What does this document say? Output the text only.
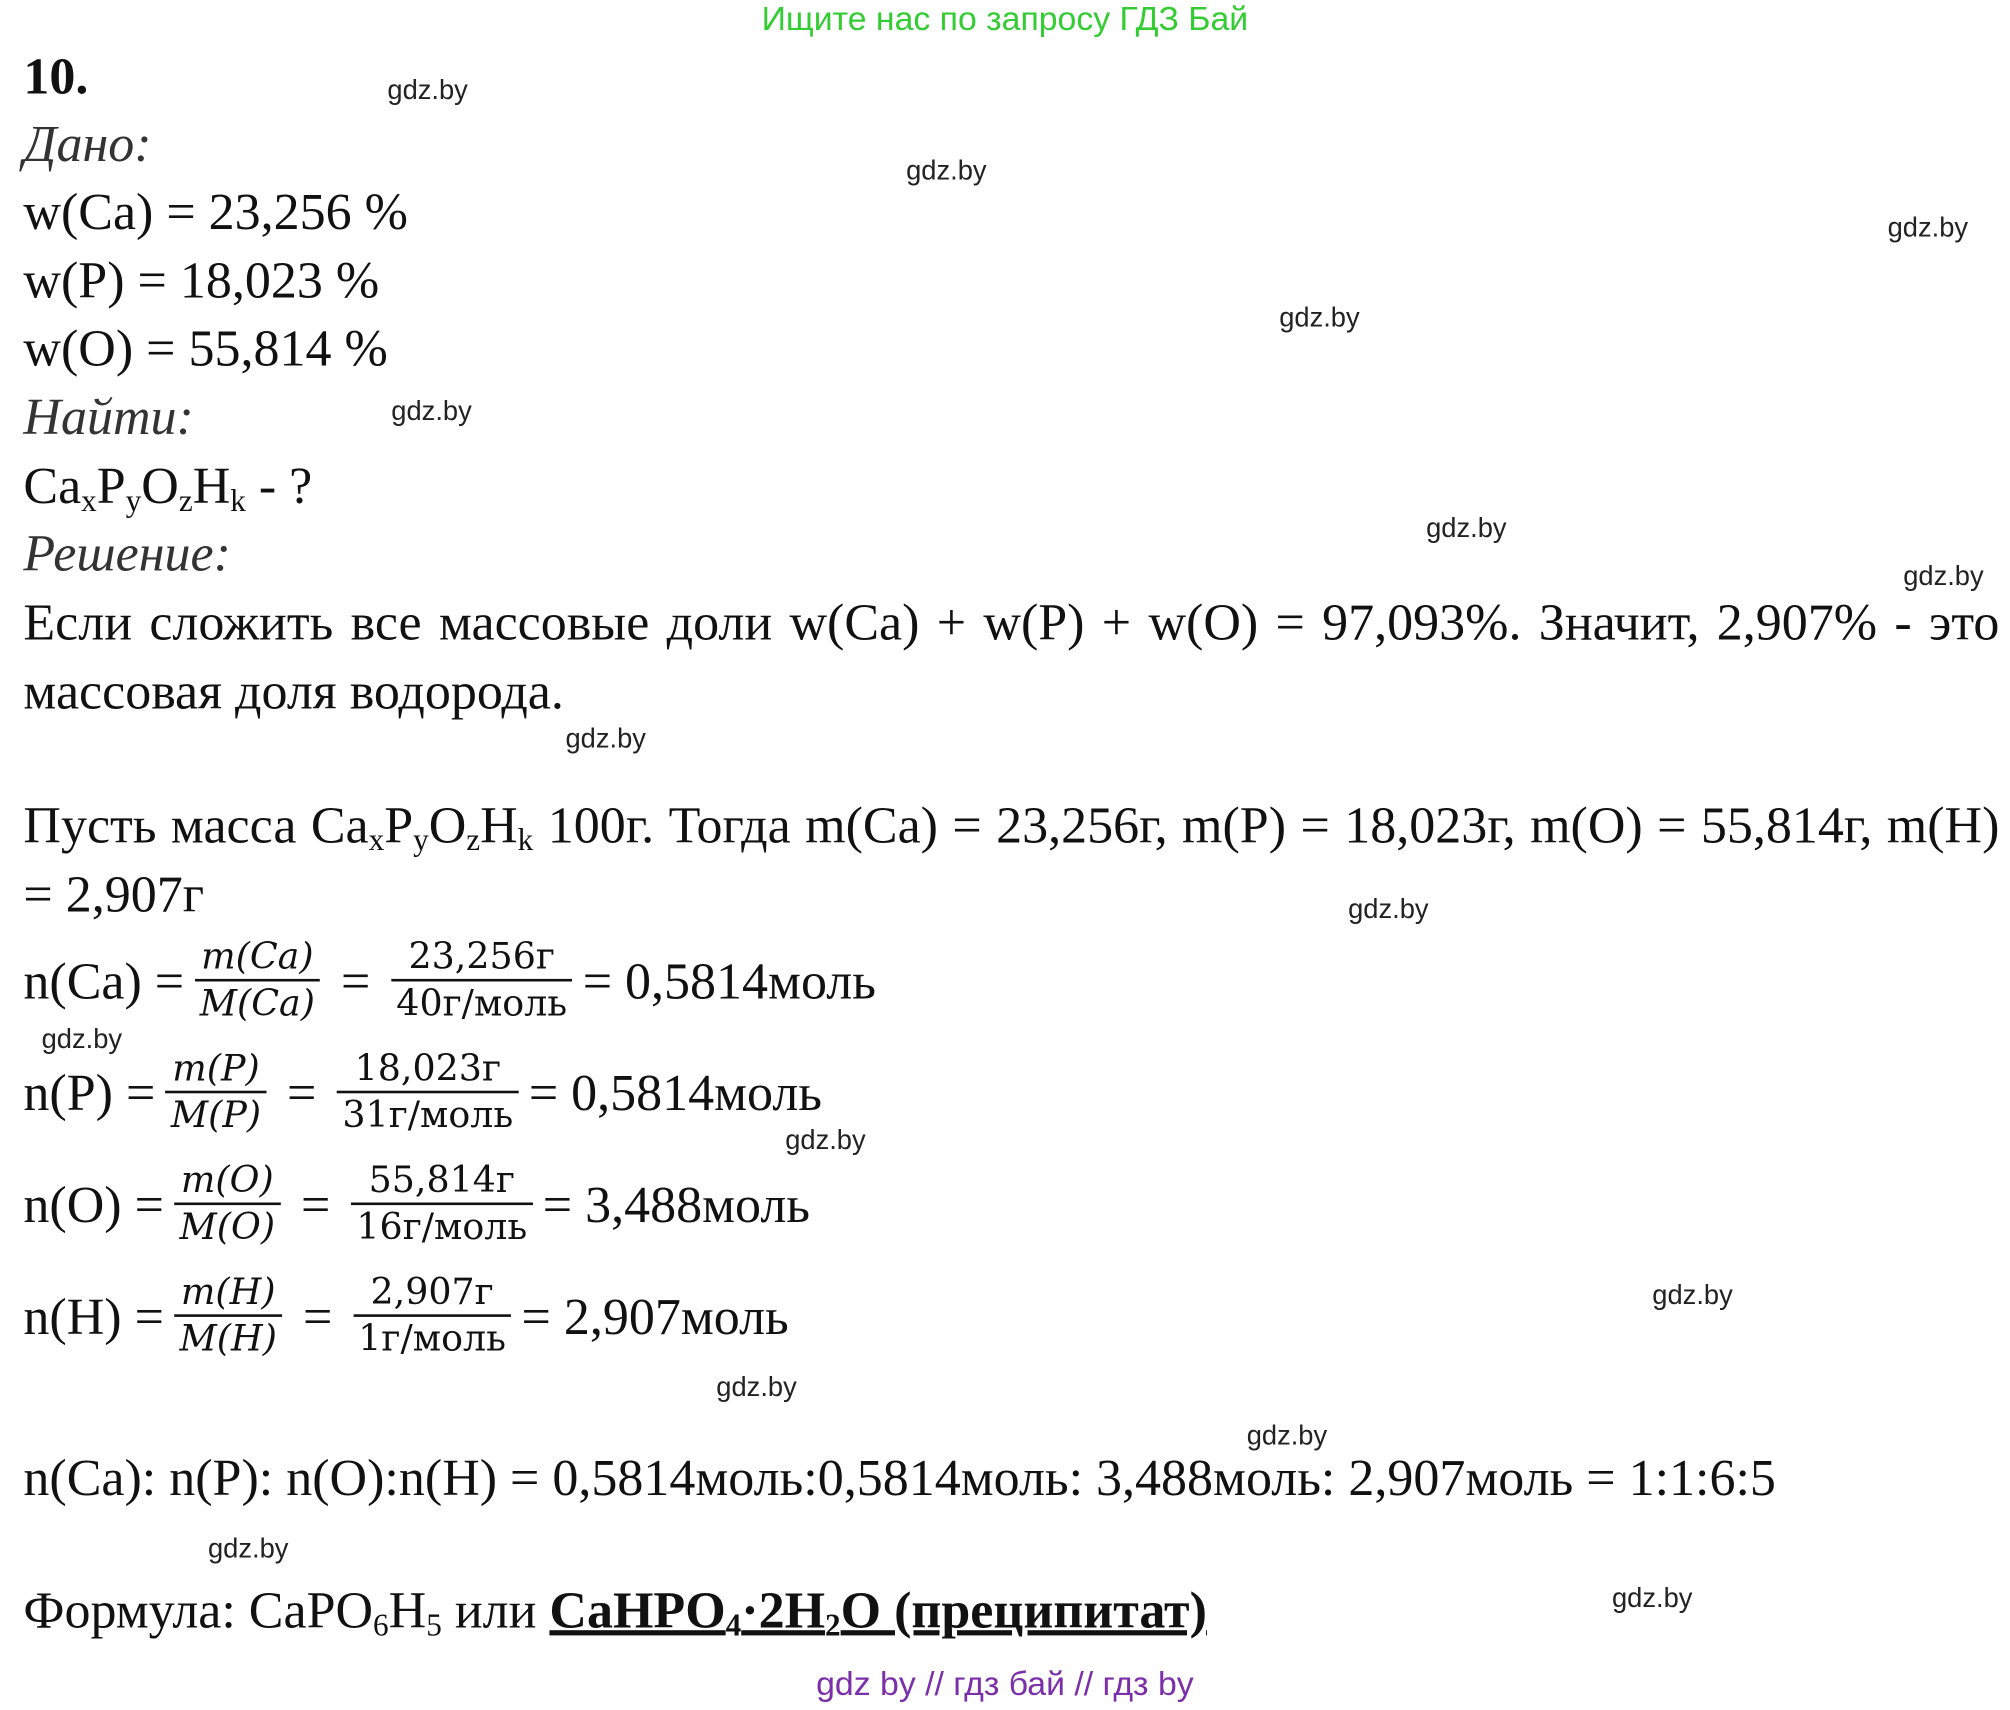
Ищите нас по запросу ГДЗ Бай
gdz.by
gdz.by
gdz.by
gdz.by
gdz.by
gdz.by
gdz.by
gdz.by
gdz.by
gdz.by
gdz.by
gdz.by
gdz.by
gdz.by
gdz.by
gdz.by
10.
Дано:
w(Ca) = 23,256 %
w(P) = 18,023 %
w(O) = 55,814 %
Найти:
$Ca_xP_yO_zH_k$ - ?
Решение:
Если сложить все массовые доли w(Ca) + w(P) + w(O) = 97,093%. Значит, 2,907% - это массовая доля водорода.
Пусть масса $Ca_xP_yO_zH_k$ 100г. Тогда m(Ca) = 23,256г, m(P) = 18,023г, m(O) = 55,814г, m(H) = 2,907г
$n(Ca) = \frac{m(Ca)}{M(Ca)} = \frac{23,256г}{\text{40г/моль}}$ = 0,5814моль
$n(P) = \frac{m(P)}{M(P)} = \frac{18,023г}{\text{31г/моль}}$ = 0,5814моль
$n(O) = \frac{m(O)}{M(O)} = \frac{55,814г}{\text{16г/моль}}$ = 3,488моль
$n(H) = \frac{m(H)}{M(H)} = \frac{2,907г}{\text{1г/моль}}$ = 2,907моль
n(Ca): n(P): n(O):n(H) = 0,5814моль:0,5814моль: 3,488моль: 2,907моль = 1:1:6:5
Формула: $CaPO_6H_5$ или $CaHPO_4\cdot 2H_2O$ (преципитат)
gdz by // гдз бай // гдз by
